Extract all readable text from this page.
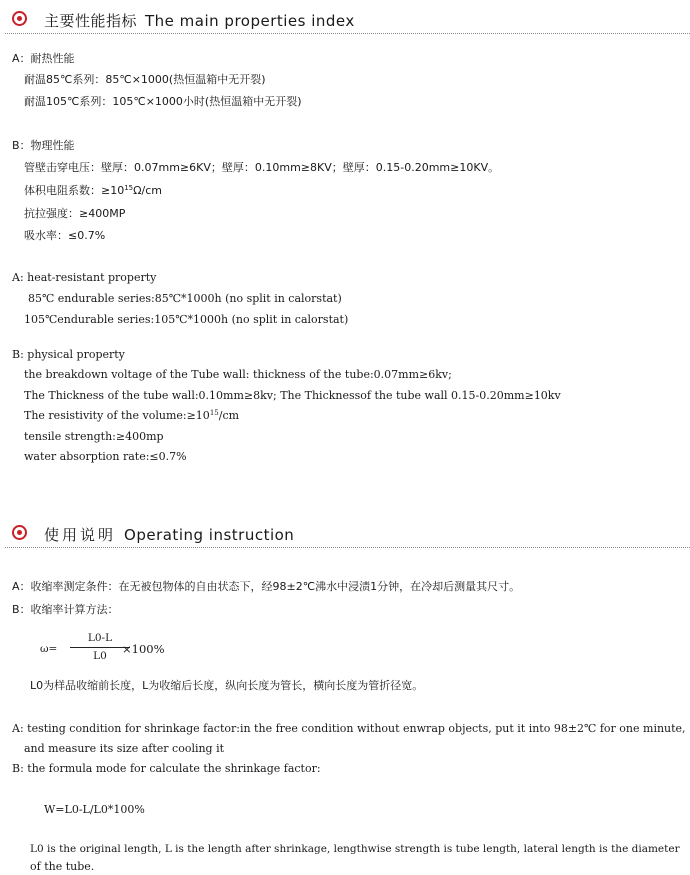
主要性能指标 The main properties index
A：耐热性能
耐温85℃系列：85℃×1000(热恒温箱中无开裂)
耐温105℃系列：105℃×1000小时(热恒温箱中无开裂)
B：物理性能
管壁击穿电压：壁厚：0.07mm≥6KV；壁厚：0.10mm≥8KV；壁厚：0.15-0.20mm≥10KV。
体积电阻系数：$\ge 10^{15}\Omega/cm$
抗拉强度：≥400MP
吸水率：≤0.7%
A: heat-resistant property
85℃ endurable series:85℃*1000h (no split in calorstat)
105℃endurable series:105℃*1000h (no split in calorstat)
B: physical property
the breakdown voltage of the Tube wall: thickness of the tube:0.07mm≥6kv;
The Thickness of the tube wall:0.10mm≥8kv; The Thicknessof the tube wall 0.15-0.20mm≥10kv
The resistivity of the $volume:\ge 10^{15}/cm$
tensile strength:≥400mp
water absorption rate:≤0.7%
使用说明 Operating instruction
A：收缩率测定条件：在无被包物体的自由状态下，经98±2℃沸水中浸渍1分钟，在冷却后测量其尺寸。
B：收缩率计算方法：
ω=
L0-L
L0	×100%
L0为样品收缩前长度，L为收缩后长度，纵向长度为管长，横向长度为管折径宽。
A: testing condition for shrinkage factor:in the free condition without enwrap objects, put it into 98±2℃ for one minute,
and measure its size after cooling it
B: the formula mode for calculate the shrinkage factor:
W=L0-L/L0*100%
L0 is the original length, L is the length after shrinkage, lengthwise strength is tube length, lateral length is the diameter
of the tube.
